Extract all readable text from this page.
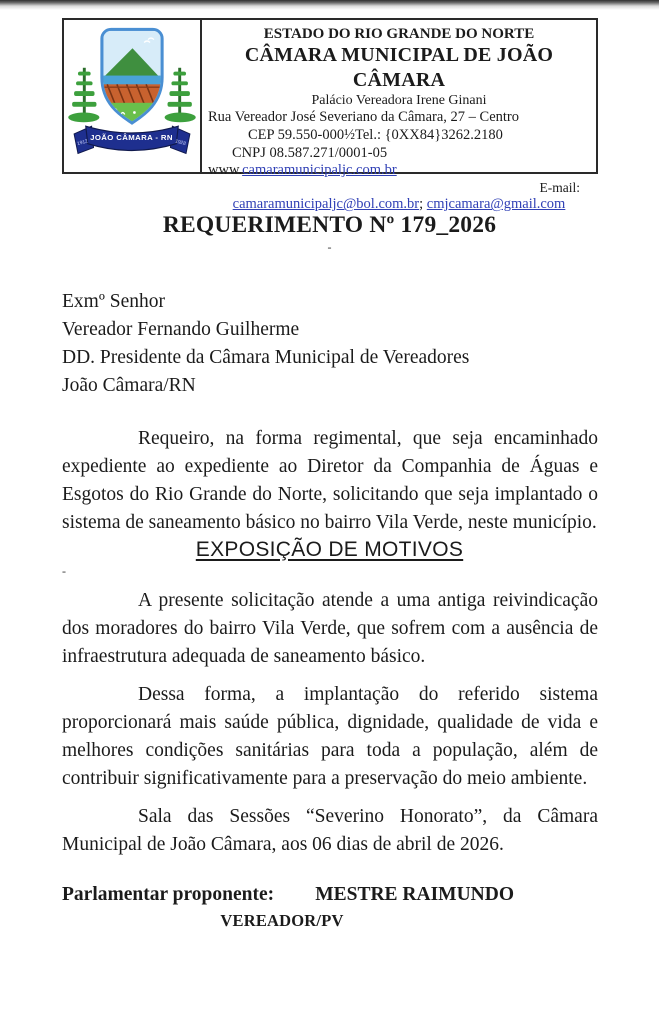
JOÃO CÂMARA - RN
1912	1928
ESTADO DO RIO GRANDE DO NORTE
CÂMARA MUNICIPAL DE JOÃO CÂMARA
Palácio Vereadora Irene Ginani
Rua Vereador José Severiano da Câmara, 27 – Centro
CEP 59.550-000½Tel.: {0XX84}3262.2180
CNPJ 08.587.271/0001-05
www.camaramunicipaljc.com.br
E-mail:
camaramunicipaljc@bol.com.br; cmjcamara@gmail.com
REQUERIMENTO Nº 179_2026
-
Exmº Senhor
Vereador Fernando Guilherme
DD. Presidente da Câmara Municipal de Vereadores
João Câmara/RN
Requeiro, na forma regimental, que seja encaminhado expediente ao expediente ao Diretor da Companhia de Águas e Esgotos do Rio Grande do Norte, solicitando que seja implantado o sistema de saneamento básico no bairro Vila Verde, neste município.
EXPOSIÇÃO DE MOTIVOS
-
A presente solicitação atende a uma antiga reivindicação dos moradores do bairro Vila Verde, que sofrem com a ausência de infraestrutura adequada de saneamento básico.
Dessa forma, a implantação do referido sistema proporcionará mais saúde pública, dignidade, qualidade de vida e melhores condições sanitárias para toda a população, além de contribuir significativamente para a preservação do meio ambiente.
Sala das Sessões “Severino Honorato”, da Câmara Municipal de João Câmara, aos 06 dias de abril de 2026.
Parlamentar proponente: MESTRE RAIMUNDO
VEREADOR/PV
